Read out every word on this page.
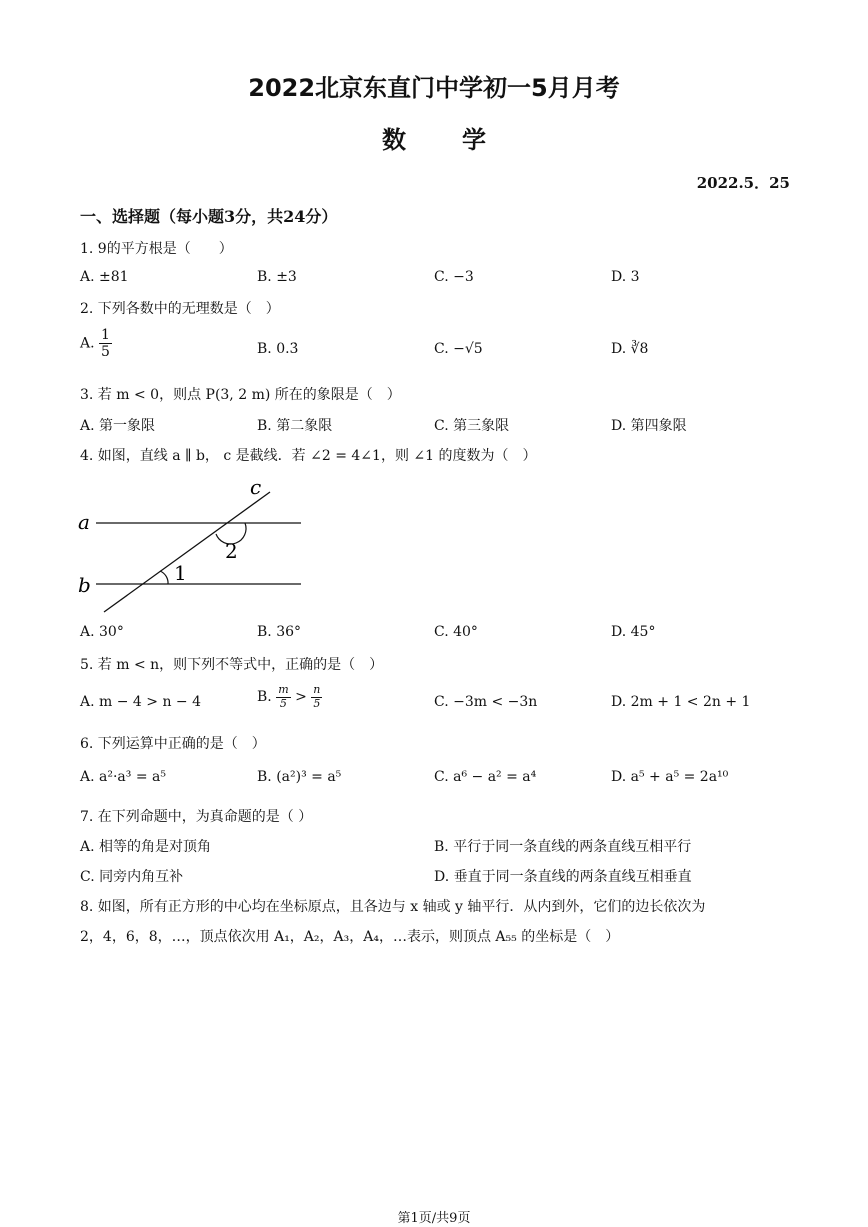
2022北京东直门中学初一5月月考
数学
2022.5．25
一、选择题（每小题3分，共24分）
1. 9的平方根是（　　）
A. ±81	B. ±3	C. −3	D. 3
2. 下列各数中的无理数是（　）
A. $\frac{1}{5}$	B. 0.3̇	C. −√5	D. ∛8
3. 若 m < 0，则点 P(3, 2 m) 所在的象限是（　）
A. 第一象限	B. 第二象限	C. 第三象限	D. 第四象限
4. 如图，直线 a ∥ b， c 是截线．若 ∠2 = 4∠1，则 ∠1 的度数为（　）
c
a
2
b	1
A. 30°	B. 36°	C. 40°	D. 45°
5. 若 m < n，则下列不等式中，正确的是（　）
A. m − 4 > n − 4	B. $\frac{m}{5} > \frac{n}{5}$	C. −3m < −3n	D. 2m + 1 < 2n + 1
6. 下列运算中正确的是（　）
A. a²·a³ = a⁵	B. (a²)³ = a⁵	C. a⁶ − a² = a⁴	D. a⁵ + a⁵ = 2a¹⁰
7. 在下列命题中，为真命题的是（ ）
A. 相等的角是对顶角	B. 平行于同一条直线的两条直线互相平行
C. 同旁内角互补	D. 垂直于同一条直线的两条直线互相垂直
8. 如图，所有正方形的中心均在坐标原点，且各边与 x 轴或 y 轴平行．从内到外，它们的边长依次为
2，4，6，8，…，顶点依次用 A₁，A₂，A₃，A₄，…表示，则顶点 A₅₅ 的坐标是（　）
第1页/共9页
